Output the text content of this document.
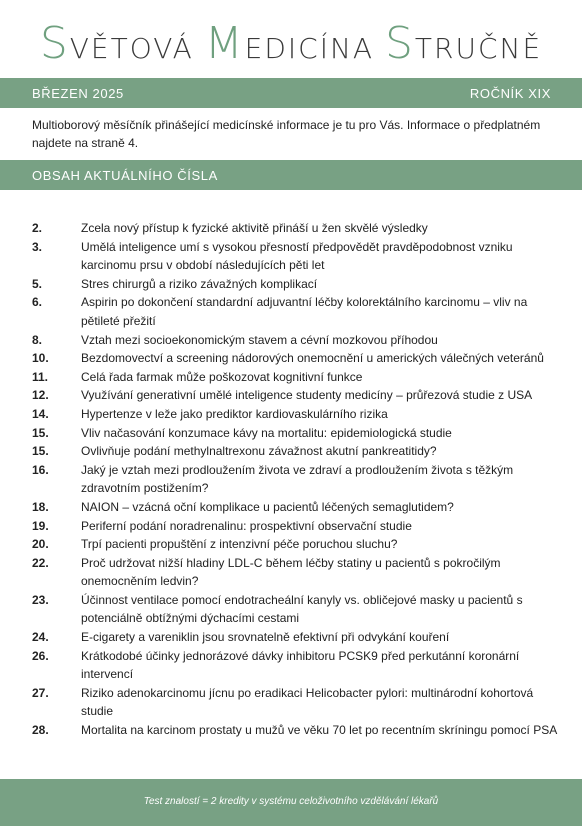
SVĚTOVÁ MEDICÍNA STRUČNĚ
BŘEZEN 2025	ROČNÍK XIX
Multioborový měsíčník přinášející medicínské informace je tu pro Vás. Informace o předplatném najdete na straně 4.
OBSAH AKTUÁLNÍHO ČÍSLA
2.	Zcela nový přístup k fyzické aktivitě přináší u žen skvělé výsledky
3.	Umělá inteligence umí s vysokou přesností předpovědět pravděpodobnost vzniku karcinomu prsu v období následujících pěti let
5.	Stres chirurgů a riziko závažných komplikací
6.	Aspirin po dokončení standardní adjuvantní léčby kolorektálního karcinomu – vliv na pětileté přežití
8.	Vztah mezi socioekonomickým stavem a cévní mozkovou příhodou
10.	Bezdomovectví a screening nádorových onemocnění u amerických válečných veteránů
11.	Celá řada farmak může poškozovat kognitivní funkce
12.	Využívání generativní umělé inteligence studenty medicíny – průřezová studie z USA
14.	Hypertenze v leže jako prediktor kardiovaskulárního rizika
15.	Vliv načasování konzumace kávy na mortalitu: epidemiologická studie
15.	Ovlivňuje podání methylnaltrexonu závažnost akutní pankreatitidy?
16.	Jaký je vztah mezi prodloužením života ve zdraví a prodloužením života s těžkým zdravotním postižením?
18.	NAION – vzácná oční komplikace u pacientů léčených semaglutidem?
19.	Periferní podání noradrenalinu: prospektivní observační studie
20.	Trpí pacienti propuštění z intenzivní péče poruchou sluchu?
22.	Proč udržovat nižší hladiny LDL-C během léčby statiny u pacientů s pokročilým onemocněním ledvin?
23.	Účinnost ventilace pomocí endotracheální kanyly vs. obličejové masky u pacientů s potenciálně obtížnými dýchacími cestami
24.	E-cigarety a vareniklin jsou srovnatelně efektivní při odvykání kouření
26.	Krátkodobé účinky jednorázové dávky inhibitoru PCSK9 před perkutánní koronární intervencí
27.	Riziko adenokarcinomu jícnu po eradikaci Helicobacter pylori: multinárodní kohortová studie
28.	Mortalita na karcinom prostaty u mužů ve věku 70 let po recentním skríningu pomocí PSA
Test znalostí = 2 kredity v systému celoživotního vzdělávání lékařů
